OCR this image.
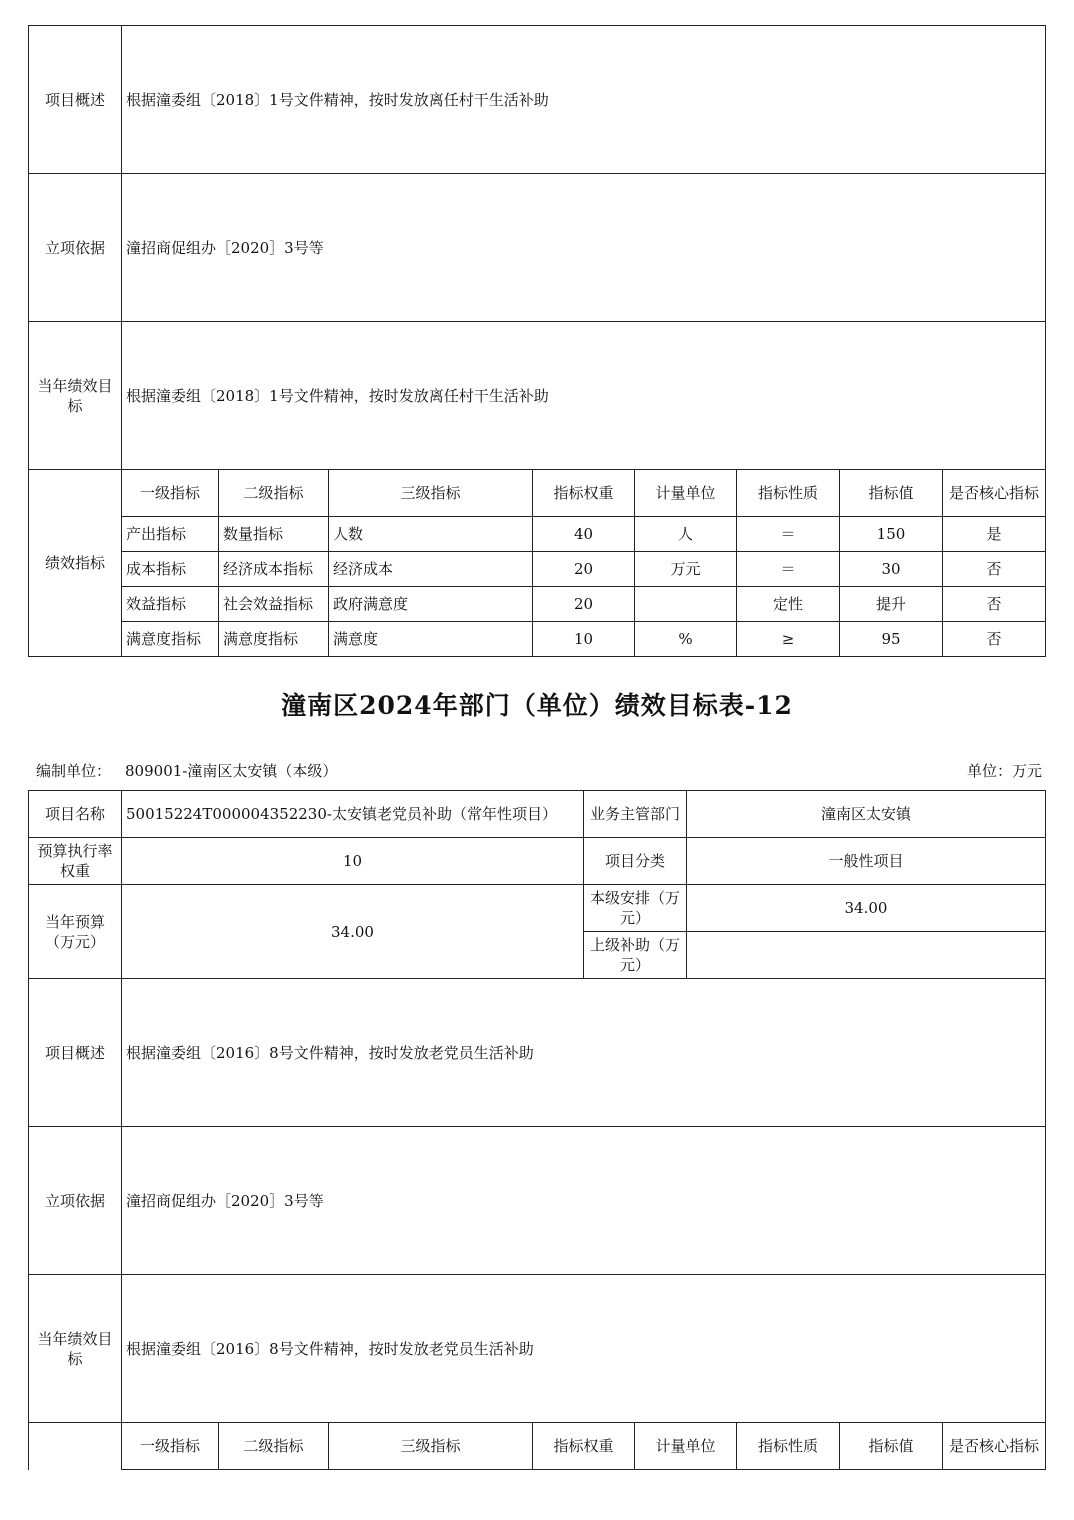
项目概述	根据潼委组〔2018〕1号文件精神，按时发放离任村干生活补助							
立项依据	潼招商促组办［2020］3号等							
当年绩效目标	根据潼委组〔2018〕1号文件精神，按时发放离任村干生活补助							
绩效指标	一级指标	二级指标	三级指标	指标权重	计量单位	指标性质	指标值	是否核心指标
	产出指标	数量指标	人数	40	人	＝	150	是
	成本指标	经济成本指标	经济成本	20	万元	＝	30	否
	效益指标	社会效益指标	政府满意度	20		定性	提升	否
	满意度指标	满意度指标	满意度	10	%	≥	95	否
潼南区2024年部门（单位）绩效目标表-12
编制单位： 809001-潼南区太安镇（本级）	单位：万元
项目名称	50015224T000004352230-太安镇老党员补助（常年性项目）	业务主管部门	潼南区太安镇
预算执行率权重	10	项目分类	一般性项目
当年预算（万元）	34.00	本级安排（万元）	34.00
		上级补助（万元）	
项目概述	根据潼委组〔2016〕8号文件精神，按时发放老党员生活补助		
立项依据	潼招商促组办［2020］3号等		
当年绩效目标	根据潼委组〔2016〕8号文件精神，按时发放老党员生活补助		
	一级指标	二级指标	三级指标	指标权重	计量单位	指标性质	指标值	是否核心指标
